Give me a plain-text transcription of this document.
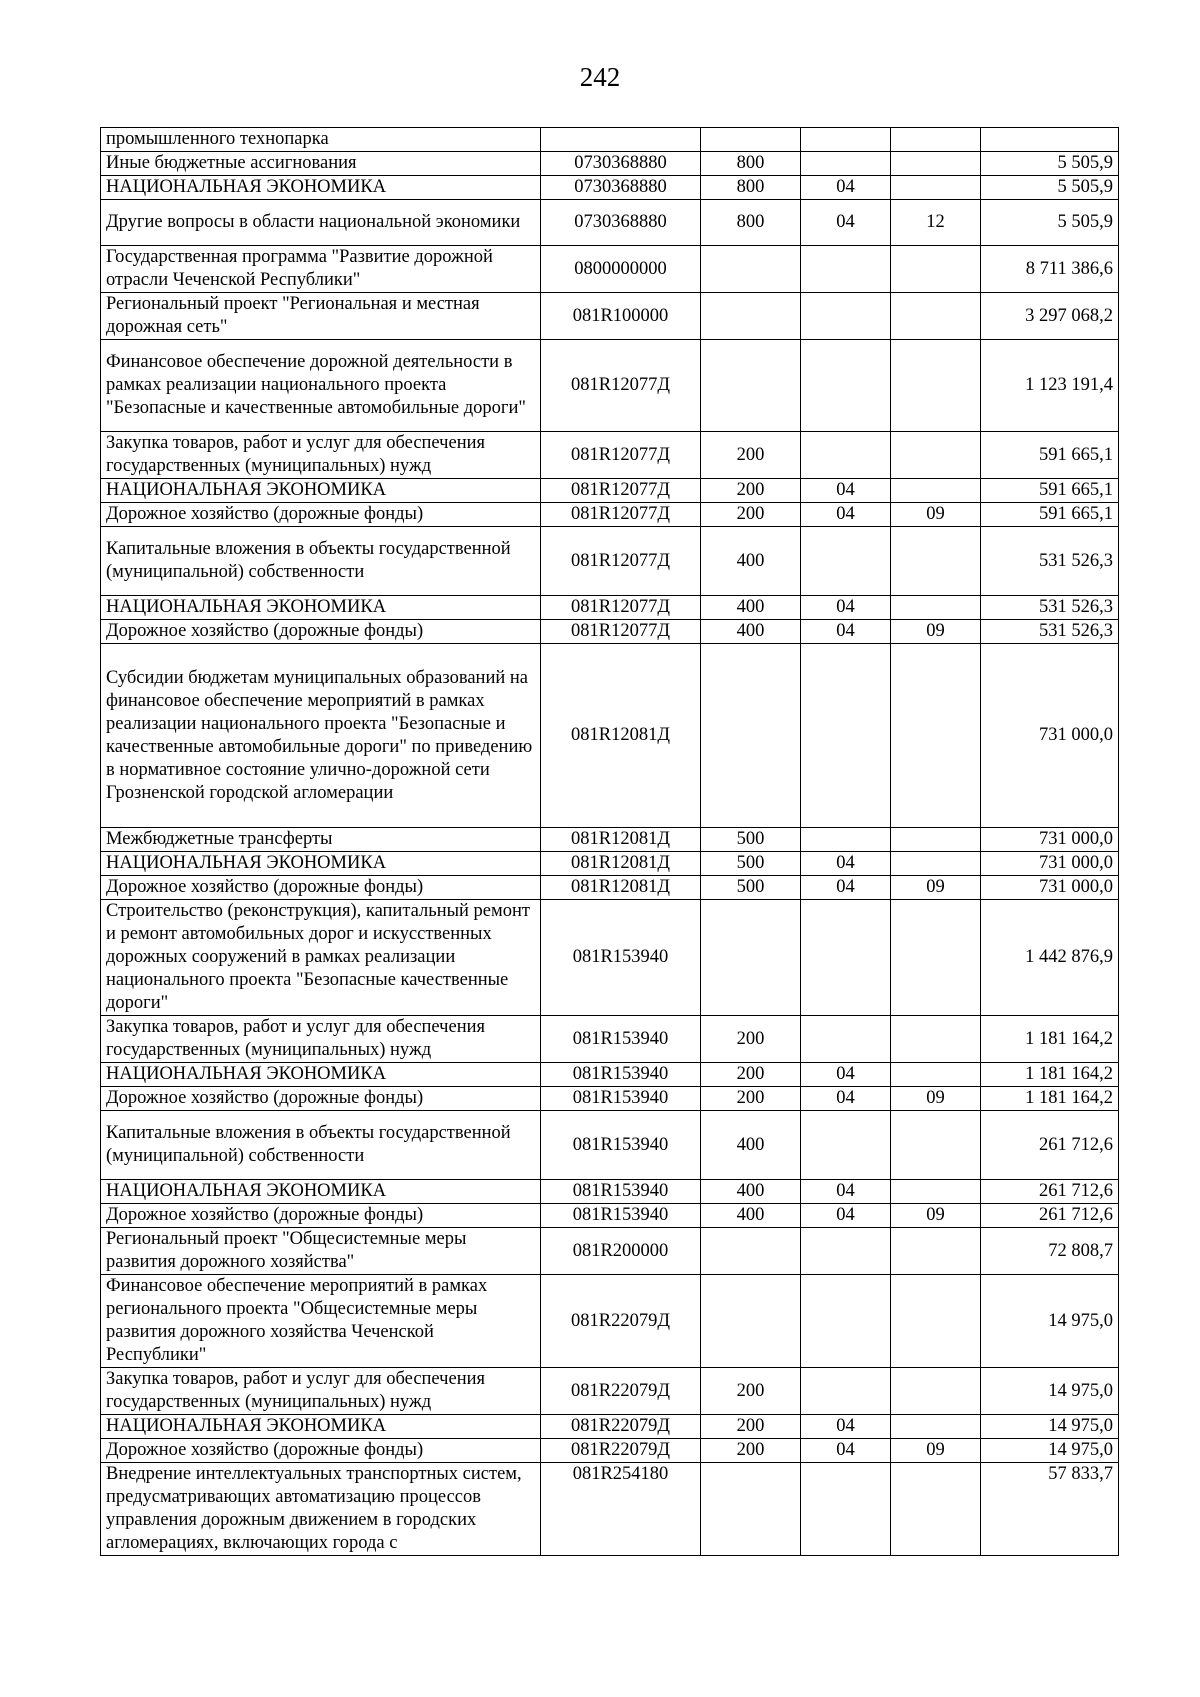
242
промышленного технопарка					
Иные бюджетные ассигнования	0730368880	800			5 505,9
НАЦИОНАЛЬНАЯ ЭКОНОМИКА	0730368880	800	04		5 505,9
Другие вопросы в области национальной экономики	0730368880	800	04	12	5 505,9
Государственная программа "Развитие дорожной отрасли Чеченской Республики"	0800000000				8 711 386,6
Региональный проект "Региональная и местная дорожная сеть"	081R100000				3 297 068,2
Финансовое обеспечение дорожной деятельности в рамках реализации национального проекта "Безопасные и качественные автомобильные дороги"	081R12077Д				1 123 191,4
Закупка товаров, работ и услуг для обеспечения государственных (муниципальных) нужд	081R12077Д	200			591 665,1
НАЦИОНАЛЬНАЯ ЭКОНОМИКА	081R12077Д	200	04		591 665,1
Дорожное хозяйство (дорожные фонды)	081R12077Д	200	04	09	591 665,1
Капитальные вложения в объекты государственной (муниципальной) собственности	081R12077Д	400			531 526,3
НАЦИОНАЛЬНАЯ ЭКОНОМИКА	081R12077Д	400	04		531 526,3
Дорожное хозяйство (дорожные фонды)	081R12077Д	400	04	09	531 526,3
Субсидии бюджетам муниципальных образований на финансовое обеспечение мероприятий в рамках реализации национального проекта "Безопасные и качественные автомобильные дороги" по приведению в нормативное состояние улично-дорожной сети Грозненской городской агломерации	081R12081Д				731 000,0
Межбюджетные трансферты	081R12081Д	500			731 000,0
НАЦИОНАЛЬНАЯ ЭКОНОМИКА	081R12081Д	500	04		731 000,0
Дорожное хозяйство (дорожные фонды)	081R12081Д	500	04	09	731 000,0
Строительство (реконструкция), капитальный ремонт и ремонт автомобильных дорог и искусственных дорожных сооружений в рамках реализации национального проекта "Безопасные качественные дороги"	081R153940				1 442 876,9
Закупка товаров, работ и услуг для обеспечения государственных (муниципальных) нужд	081R153940	200			1 181 164,2
НАЦИОНАЛЬНАЯ ЭКОНОМИКА	081R153940	200	04		1 181 164,2
Дорожное хозяйство (дорожные фонды)	081R153940	200	04	09	1 181 164,2
Капитальные вложения в объекты государственной (муниципальной) собственности	081R153940	400			261 712,6
НАЦИОНАЛЬНАЯ ЭКОНОМИКА	081R153940	400	04		261 712,6
Дорожное хозяйство (дорожные фонды)	081R153940	400	04	09	261 712,6
Региональный проект "Общесистемные меры развития дорожного хозяйства"	081R200000				72 808,7
Финансовое обеспечение мероприятий в рамках регионального проекта "Общесистемные меры развития дорожного хозяйства Чеченской Республики"	081R22079Д				14 975,0
Закупка товаров, работ и услуг для обеспечения государственных (муниципальных) нужд	081R22079Д	200			14 975,0
НАЦИОНАЛЬНАЯ ЭКОНОМИКА	081R22079Д	200	04		14 975,0
Дорожное хозяйство (дорожные фонды)	081R22079Д	200	04	09	14 975,0
Внедрение интеллектуальных транспортных систем, предусматривающих автоматизацию процессов управления дорожным движением в городских агломерациях, включающих города с	081R254180				57 833,7
